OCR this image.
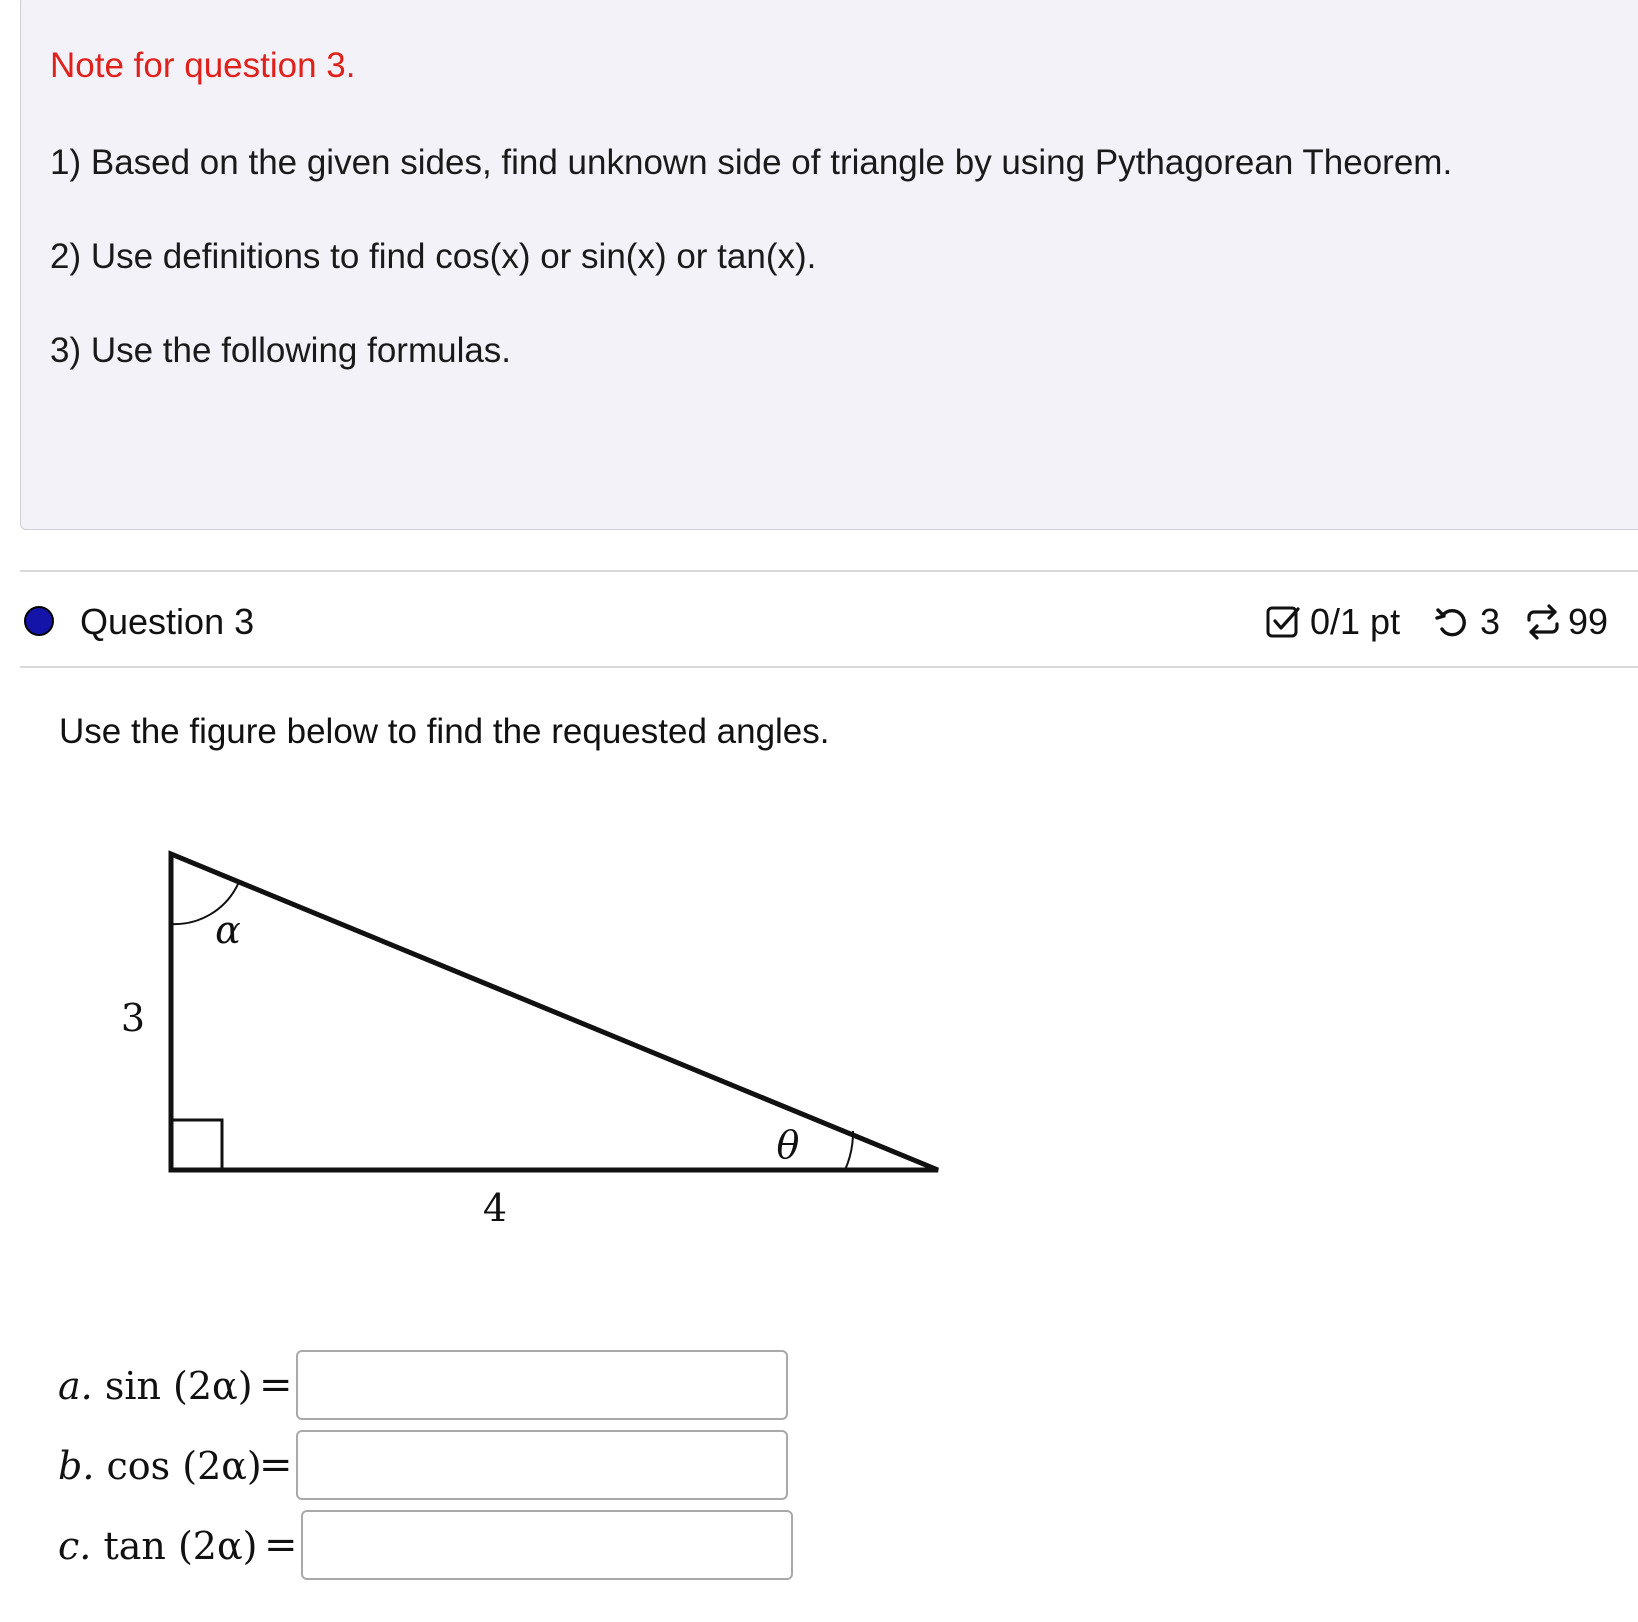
Note for question 3.
1) Based on the given sides, find unknown side of triangle by using Pythagorean Theorem.
2) Use definitions to find cos(x) or sin(x) or tan(x).
3) Use the following formulas.
Question 3	0/1 pt 3 99
Use the figure below to find the requested angles.
α
θ
3
4
a. sin (2α) =
b. cos (2α)
=
c. tan (2α) =
